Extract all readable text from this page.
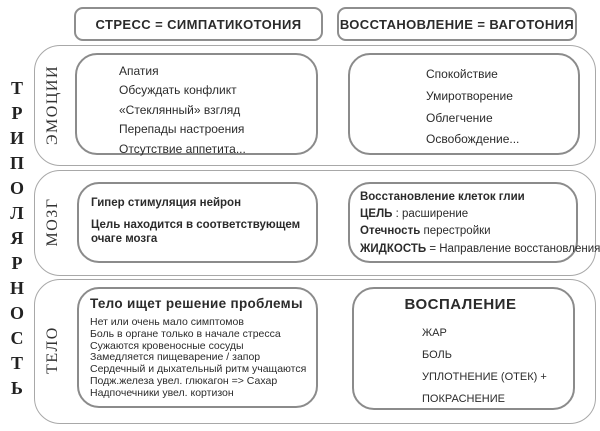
Т
Р
И
П
О
Л
Я
Р
Н
О
С
Т
Ь
СТРЕСС = СИМПАТИКОТОНИЯ	ВОССТАНОВЛЕНИЕ = ВАГОТОНИЯ
ЭМОЦИИ
МОЗГ
ТЕЛО
Апатия
Обсуждать конфликт
«Стеклянный» взгляд
Перепады настроения
Отсутствие аппетита...
Спокойствие
Умиротворение
Облегчение
Освобождение...
Гипер стимуляция нейрон
Цель находится в соответствующем очаге мозга
Восстановление клеток глии
ЦЕЛЬ : расширение
Отечность перестройки
ЖИДКОСТЬ = Направление восстановления
Тело ищет решение проблемы
Нет или очень мало симптомов
Боль в органе только в начале стресса
Сужаются кровеносные сосуды
Замедляется пищеварение / запор
Сердечный и дыхательный ритм учащаются
Подж.железа увел. глюкагон => Сахар
Надпочечники увел. кортизон
ВОСПАЛЕНИЕ
ЖАР
БОЛЬ
УПЛОТНЕНИЕ (ОТЕК) +
ПОКРАСНЕНИЕ
